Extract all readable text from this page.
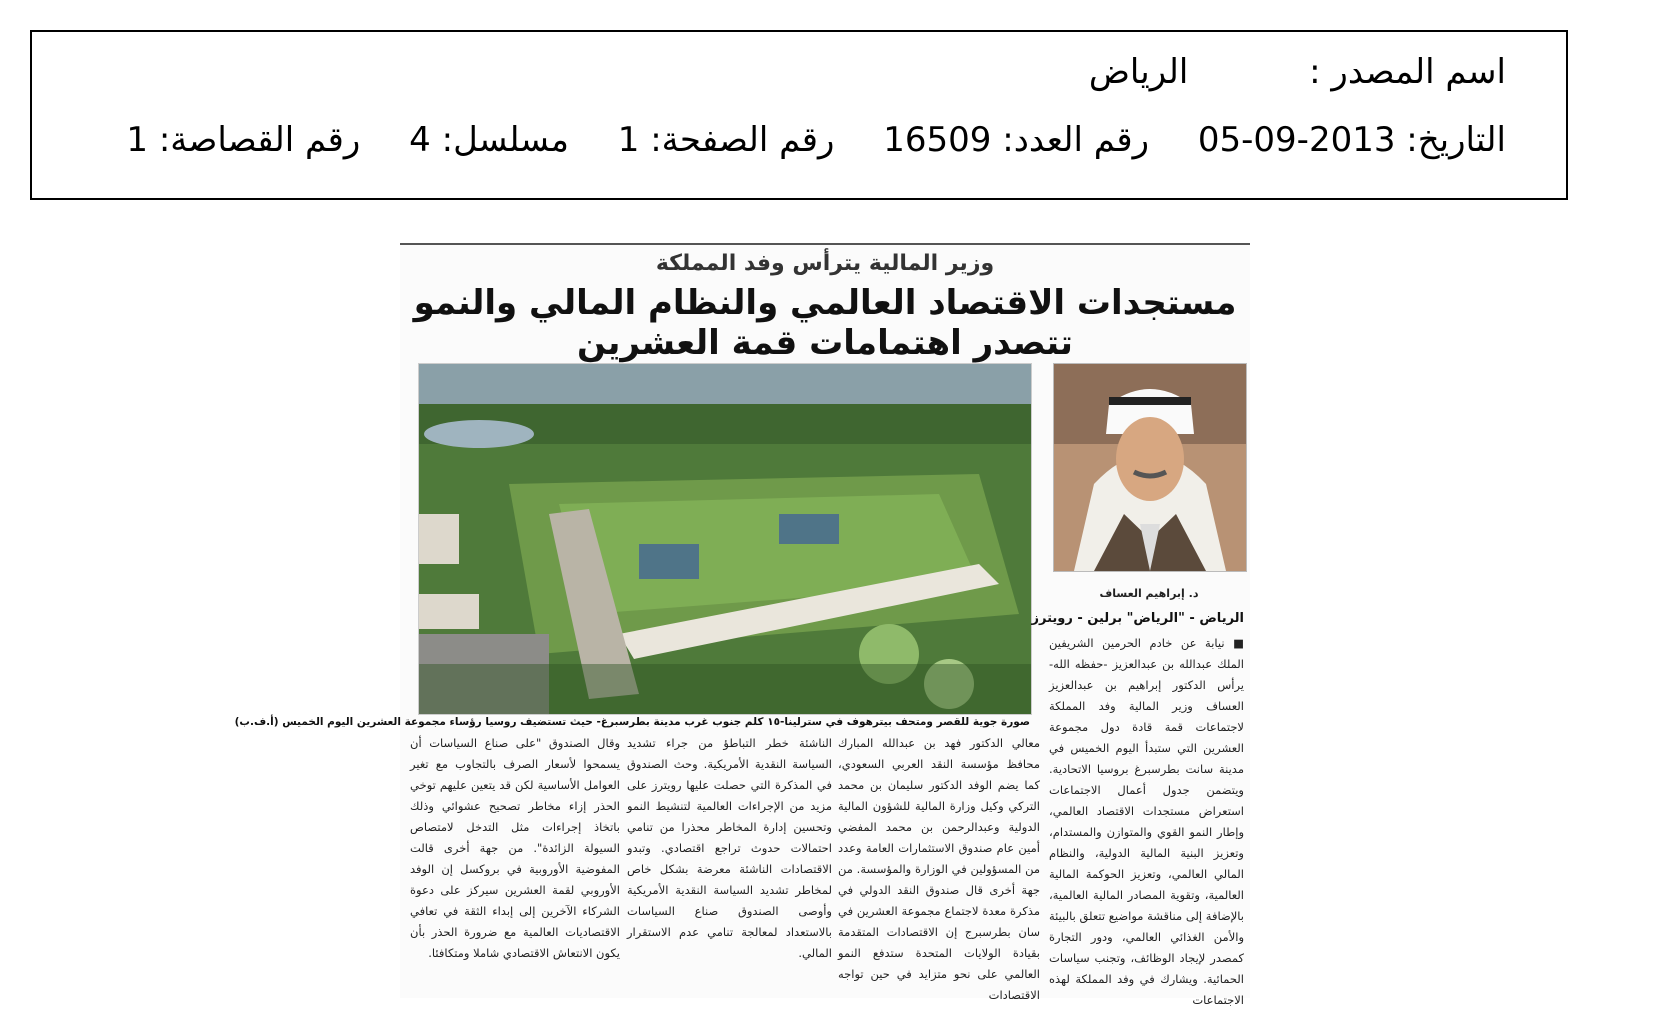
اسم المصدر : الرياض
التاريخ: 2013-09-05 رقم العدد: 16509 رقم الصفحة: 1 مسلسل: 4 رقم القصاصة: 1
وزير المالية يترأس وفد المملكة
مستجدات الاقتصاد العالمي والنظام المالي والنمو تتصدر اهتمامات قمة العشرين
د. إبراهيم العساف
صورة جوية للقصر ومتحف بيترهوف في سترلينا-١٥ كلم جنوب غرب مدينة بطرسبرغ- حيث تستضيف روسيا رؤساء مجموعة العشرين اليوم الخميس (أ.ف.ب)
الرياض - "الرياض" برلين - رويترز

■ نيابة عن خادم الحرمين الشريفين الملك عبدالله بن عبدالعزيز -حفظه الله- يرأس الدكتور إبراهيم بن عبدالعزيز العساف وزير المالية وفد المملكة لاجتماعات قمة قادة دول مجموعة العشرين التي ستبدأ اليوم الخميس في مدينة سانت بطرسبرغ بروسيا الاتحادية. ويتضمن جدول أعمال الاجتماعات استعراض مستجدات الاقتصاد العالمي، وإطار النمو القوي والمتوازن والمستدام، وتعزيز البنية المالية الدولية، والنظام المالي العالمي، وتعزيز الحوكمة المالية العالمية، وتقوية المصادر المالية العالمية، بالإضافة إلى مناقشة مواضيع تتعلق بالبيئة والأمن الغذائي العالمي، ودور التجارة كمصدر لإيجاد الوظائف، وتجنب سياسات الحمائية. ويشارك في وفد المملكة لهذه الاجتماعات

معالي الدكتور فهد بن عبدالله المبارك محافظ مؤسسة النقد العربي السعودي، كما يضم الوفد الدكتور سليمان بن محمد التركي وكيل وزارة المالية للشؤون المالية الدولية وعبدالرحمن بن محمد المفضي أمين عام صندوق الاستثمارات العامة وعدد من المسؤولين في الوزارة والمؤسسة. من جهة أخرى قال صندوق النقد الدولي في مذكرة معدة لاجتماع مجموعة العشرين في سان بطرسبرج إن الاقتصادات المتقدمة بقيادة الولايات المتحدة ستدفع النمو العالمي على نحو متزايد في حين تواجه الاقتصادات

الناشئة خطر التباطؤ من جراء تشديد السياسة النقدية الأمريكية. وحث الصندوق في المذكرة التي حصلت عليها رويترز على مزيد من الإجراءات العالمية لتنشيط النمو وتحسين إدارة المخاطر محذرا من تنامي احتمالات حدوث تراجع اقتصادي. وتبدو الاقتصادات الناشئة معرضة بشكل خاص لمخاطر تشديد السياسة النقدية الأمريكية وأوصى الصندوق صناع السياسات بالاستعداد لمعالجة تنامي عدم الاستقرار المالي.

وقال الصندوق "على صناع السياسات أن يسمحوا لأسعار الصرف بالتجاوب مع تغير العوامل الأساسية لكن قد يتعين عليهم توخي الحذر إزاء مخاطر تصحيح عشوائي وذلك باتخاذ إجراءات مثل التدخل لامتصاص السيولة الزائدة". من جهة أخرى قالت المفوضية الأوروبية في بروكسل إن الوفد الأوروبي لقمة العشرين سيركز على دعوة الشركاء الآخرين إلى إبداء الثقة في تعافي الاقتصاديات العالمية مع ضرورة الحذر بأن يكون الانتعاش الاقتصادي شاملا ومتكافئا.
